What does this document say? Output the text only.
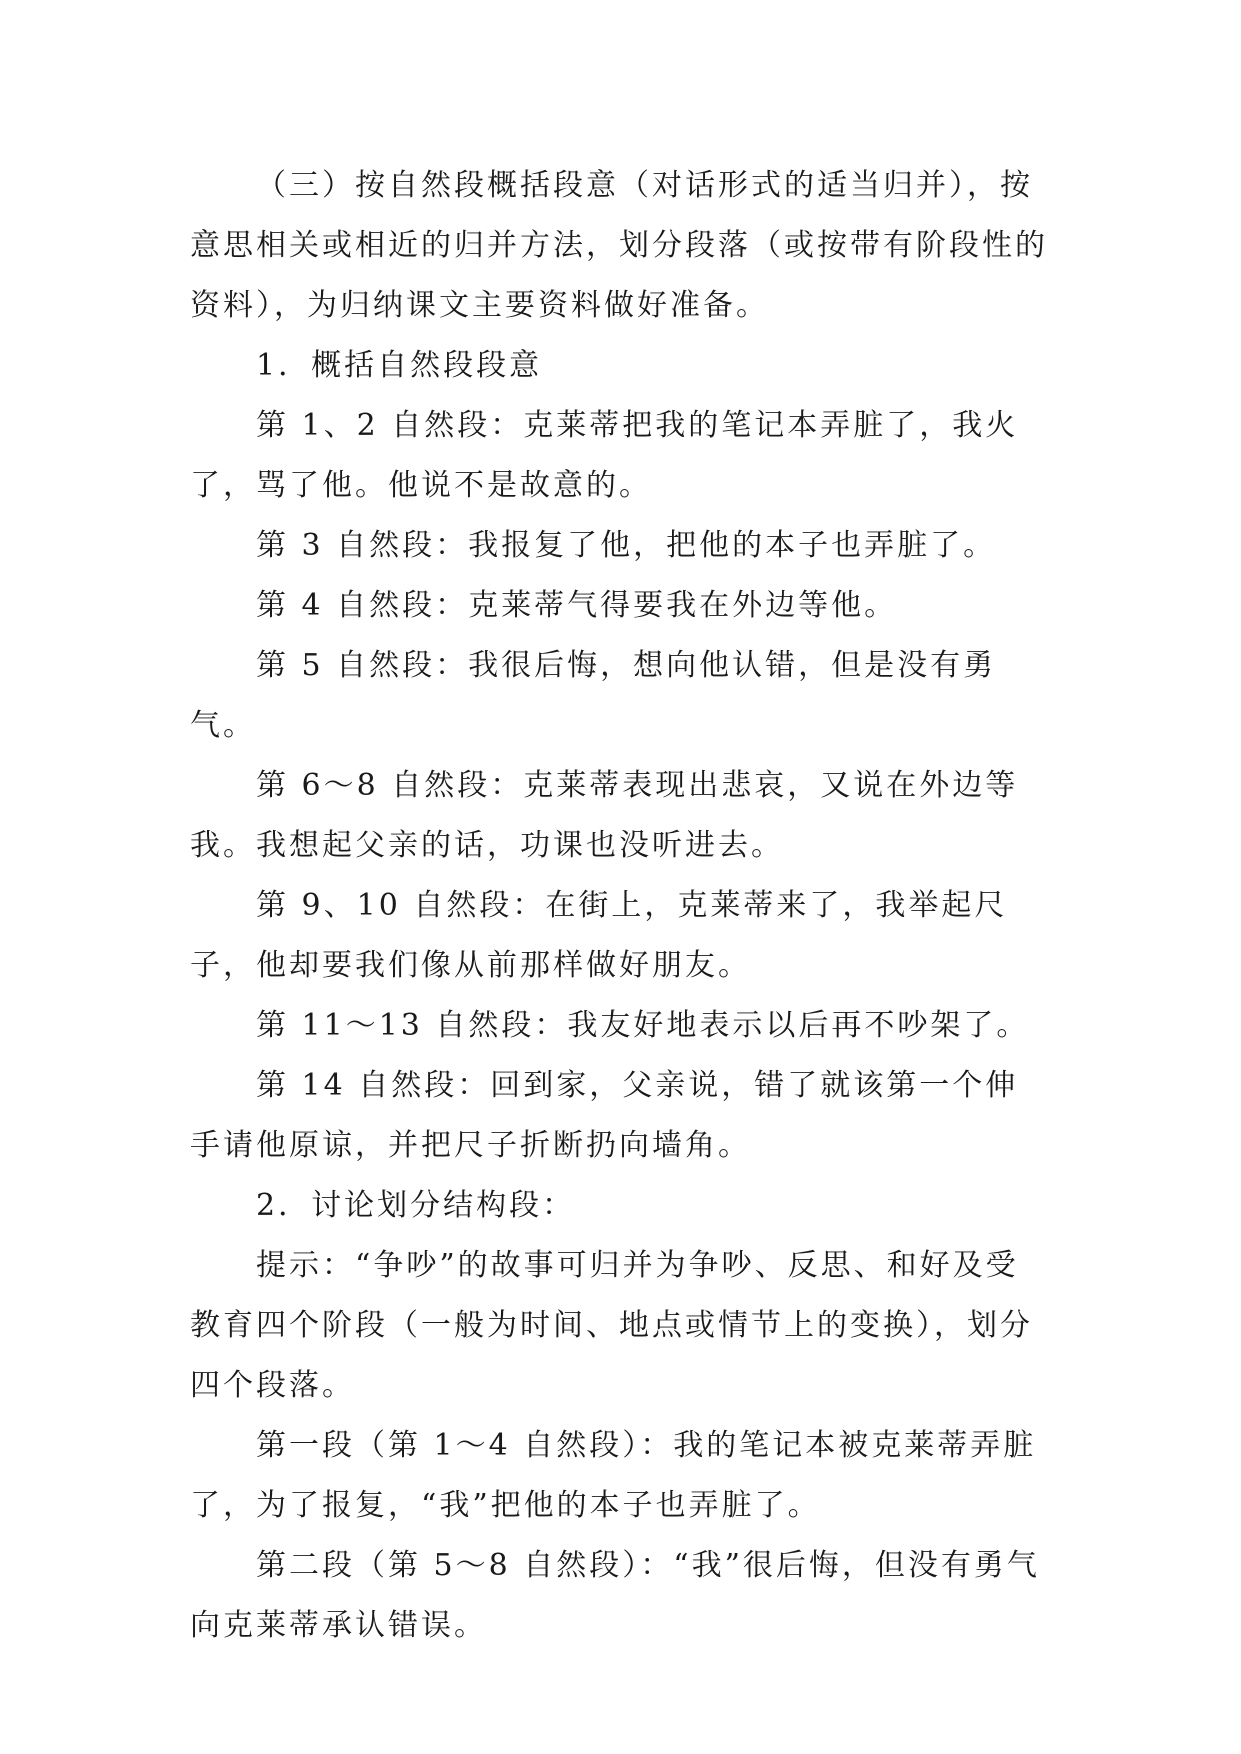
（三）按自然段概括段意（对话形式的适当归并），按意思相关或相近的归并方法，划分段落（或按带有阶段性的资料），为归纳课文主要资料做好准备。

1．概括自然段段意

第 1、2 自然段：克莱蒂把我的笔记本弄脏了，我火了，骂了他。他说不是故意的。

第 3 自然段：我报复了他，把他的本子也弄脏了。

第 4 自然段：克莱蒂气得要我在外边等他。

第 5 自然段：我很后悔，想向他认错，但是没有勇气。

第 6～8 自然段：克莱蒂表现出悲哀，又说在外边等我。我想起父亲的话，功课也没听进去。

第 9、10 自然段：在街上，克莱蒂来了，我举起尺子，他却要我们像从前那样做好朋友。

第 11～13 自然段：我友好地表示以后再不吵架了。

第 14 自然段：回到家，父亲说，错了就该第一个伸手请他原谅，并把尺子折断扔向墙角。

2．讨论划分结构段：

提示：“争吵”的故事可归并为争吵、反思、和好及受教育四个阶段（一般为时间、地点或情节上的变换），划分四个段落。

第一段（第 1～4 自然段）：我的笔记本被克莱蒂弄脏了，为了报复，“我”把他的本子也弄脏了。

第二段（第 5～8 自然段）：“我”很后悔，但没有勇气向克莱蒂承认错误。
